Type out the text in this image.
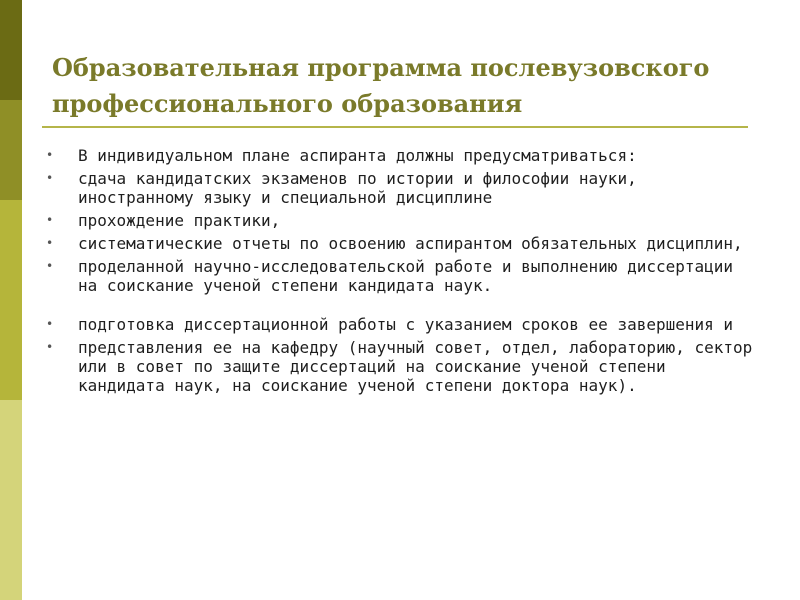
Образовательная программа послевузовского профессионального образования
• В индивидуальном плане аспиранта должны предусматриваться:
• сдача кандидатских экзаменов по истории и философии науки, иностранному языку и специальной дисциплине
• прохождение практики,
• систематические отчеты по освоению аспирантом обязательных дисциплин,
• проделанной научно-исследовательской работе и выполнению диссертации на соискание ученой степени кандидата наук.
• подготовка диссертационной работы с указанием сроков ее завершения и
• представления ее на кафедру (научный совет, отдел, лабораторию, сектор или в совет по защите диссертаций на соискание ученой степени кандидата наук, на соискание ученой степени доктора наук).
